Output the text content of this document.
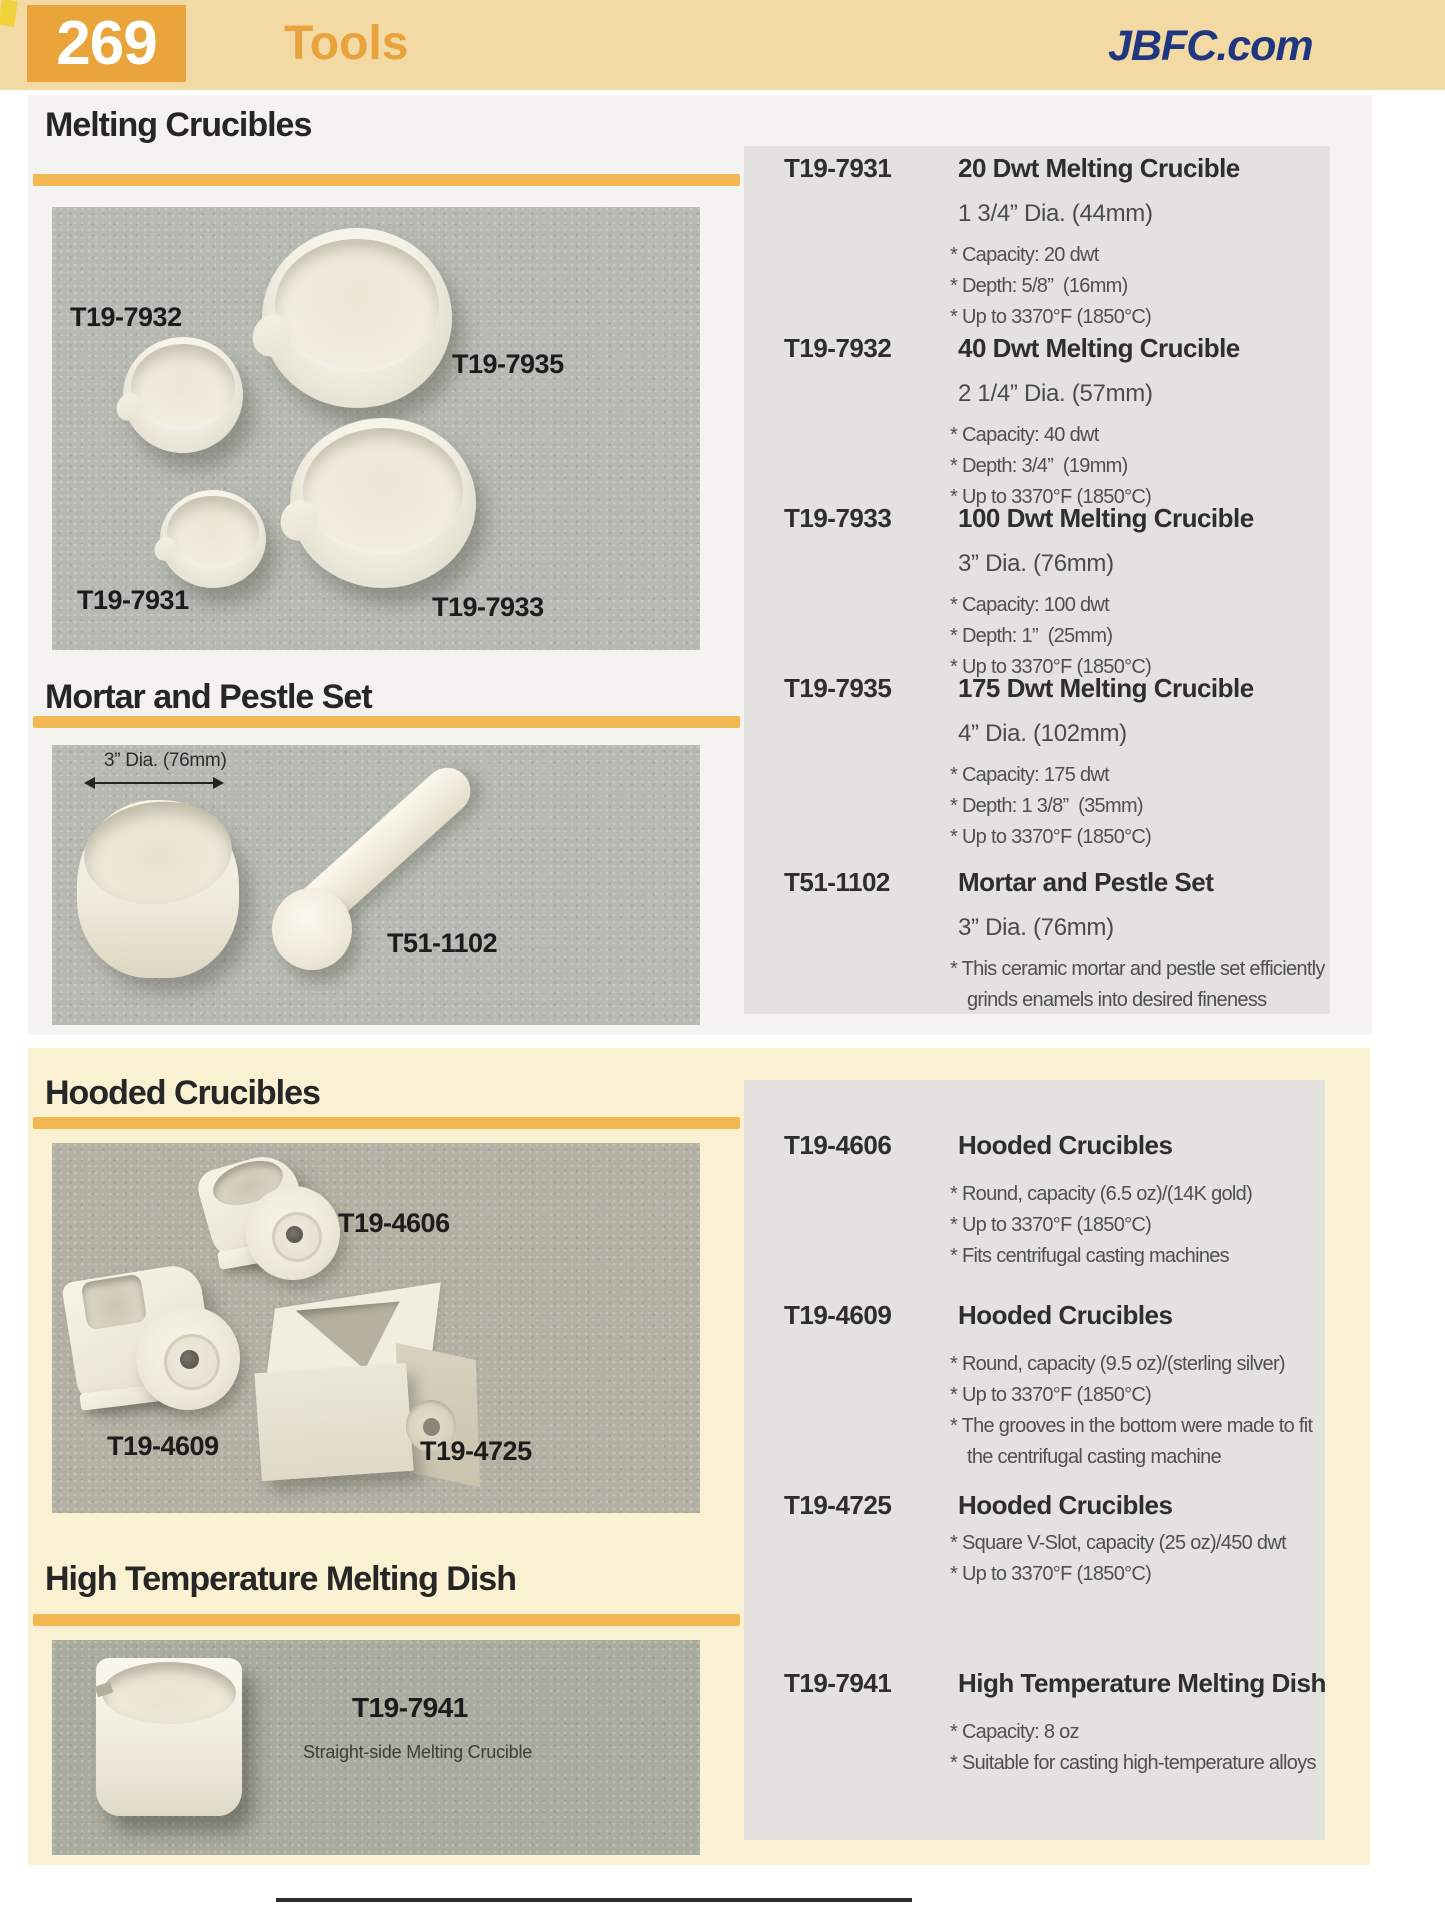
269	Tools	JBFC.com
Melting Crucibles
T19-7932
T19-7935
T19-7931	T19-7933
Mortar and Pestle Set
3” Dia. (76mm)
T51-1102
T19-7931	20 Dwt Melting Crucible
1 3/4” Dia. (44mm)
* Capacity: 20 dwt
* Depth: 5/8”  (16mm)
* Up to 3370°F (1850°C)
T19-7932	40 Dwt Melting Crucible
2 1/4” Dia. (57mm)
* Capacity: 40 dwt
* Depth: 3/4”  (19mm)
* Up to 3370°F (1850°C)
T19-7933	100 Dwt Melting Crucible
3” Dia. (76mm)
* Capacity: 100 dwt
* Depth: 1”  (25mm)
* Up to 3370°F (1850°C)
T19-7935	175 Dwt Melting Crucible
4” Dia. (102mm)
* Capacity: 175 dwt
* Depth: 1 3/8”  (35mm)
* Up to 3370°F (1850°C)
T51-1102	Mortar and Pestle Set
3” Dia. (76mm)
* This ceramic mortar and pestle set efficiently grinds enamels into desired fineness
Hooded Crucibles
T19-4606
T19-4609	T19-4725
High Temperature Melting Dish
T19-7941
Straight-side Melting Crucible
T19-4606	Hooded Crucibles
* Round, capacity (6.5 oz)/(14K gold)
* Up to 3370°F (1850°C)
* Fits centrifugal casting machines
T19-4609	Hooded Crucibles
* Round, capacity (9.5 oz)/(sterling silver)
* Up to 3370°F (1850°C)
* The grooves in the bottom were made to fit the centrifugal casting machine
T19-4725	Hooded Crucibles
* Square V-Slot, capacity (25 oz)/450 dwt
* Up to 3370°F (1850°C)
T19-7941	High Temperature Melting Dish
* Capacity: 8 oz
* Suitable for casting high-temperature alloys
